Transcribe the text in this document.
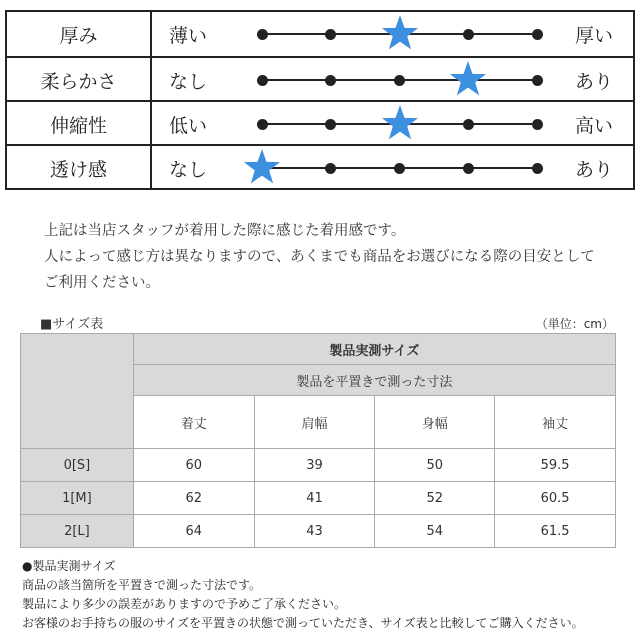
厚み	薄い	厚い
柔らかさ	なし	あり
伸縮性	低い	高い
透け感	なし	あり
上記は当店スタッフが着用した際に感じた着用感です。
人によって感じ方は異なりますので、あくまでも商品をお選びになる際の目安として
ご利用ください。
■サイズ表	（単位：cm）
	製品実測サイズ			
	製品を平置きで測った寸法			
	着丈	肩幅	身幅	袖丈
0[S]	60	39	50	59.5
1[M]	62	41	52	60.5
2[L]	64	43	54	61.5
●製品実測サイズ
商品の該当箇所を平置きで測った寸法です。
製品により多少の誤差がありますので予めご了承ください。
お客様のお手持ちの服のサイズを平置きの状態で測っていただき、サイズ表と比較してご購入ください。
